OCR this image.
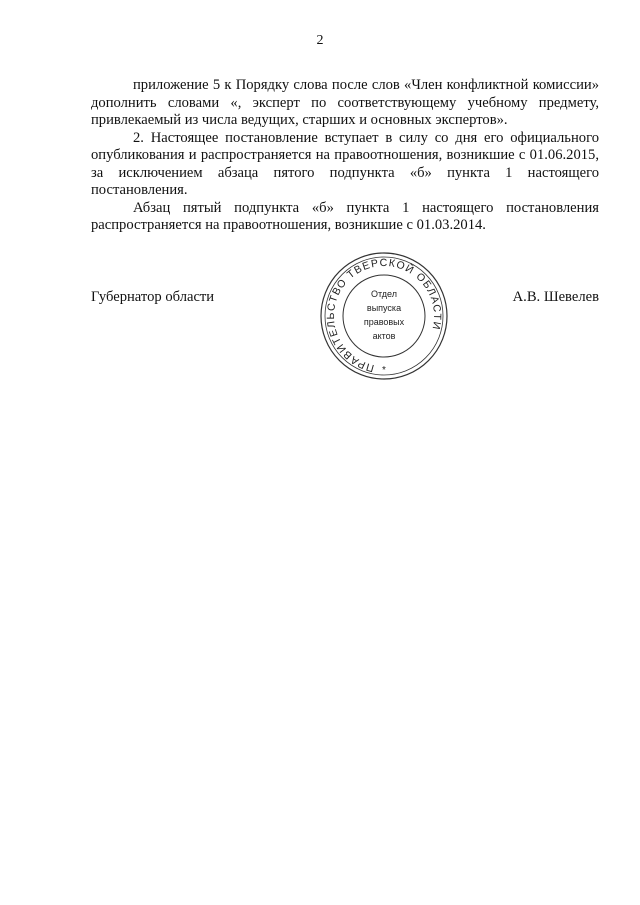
2

приложение 5 к Порядку слова после слов «Член конфликтной комиссии» дополнить словами «, эксперт по соответствующему учебному предмету, привлекаемый из числа ведущих, старших и основных экспертов».

2. Настоящее постановление вступает в силу со дня его официального опубликования и распространяется на правоотношения, возникшие с 01.06.2015, за исключением абзаца пятого подпункта «б» пункта 1 настоящего постановления.

Абзац пятый подпункта «б» пункта 1 настоящего постановления распространяется на правоотношения, возникшие с 01.03.2014.

Губернатор области
ПРАВИТЕЛЬСТВО ТВЕРСКОЙ ОБЛАСТИ
Отдел
выпуска
правовых
актов
*
А.В. Шевелев
